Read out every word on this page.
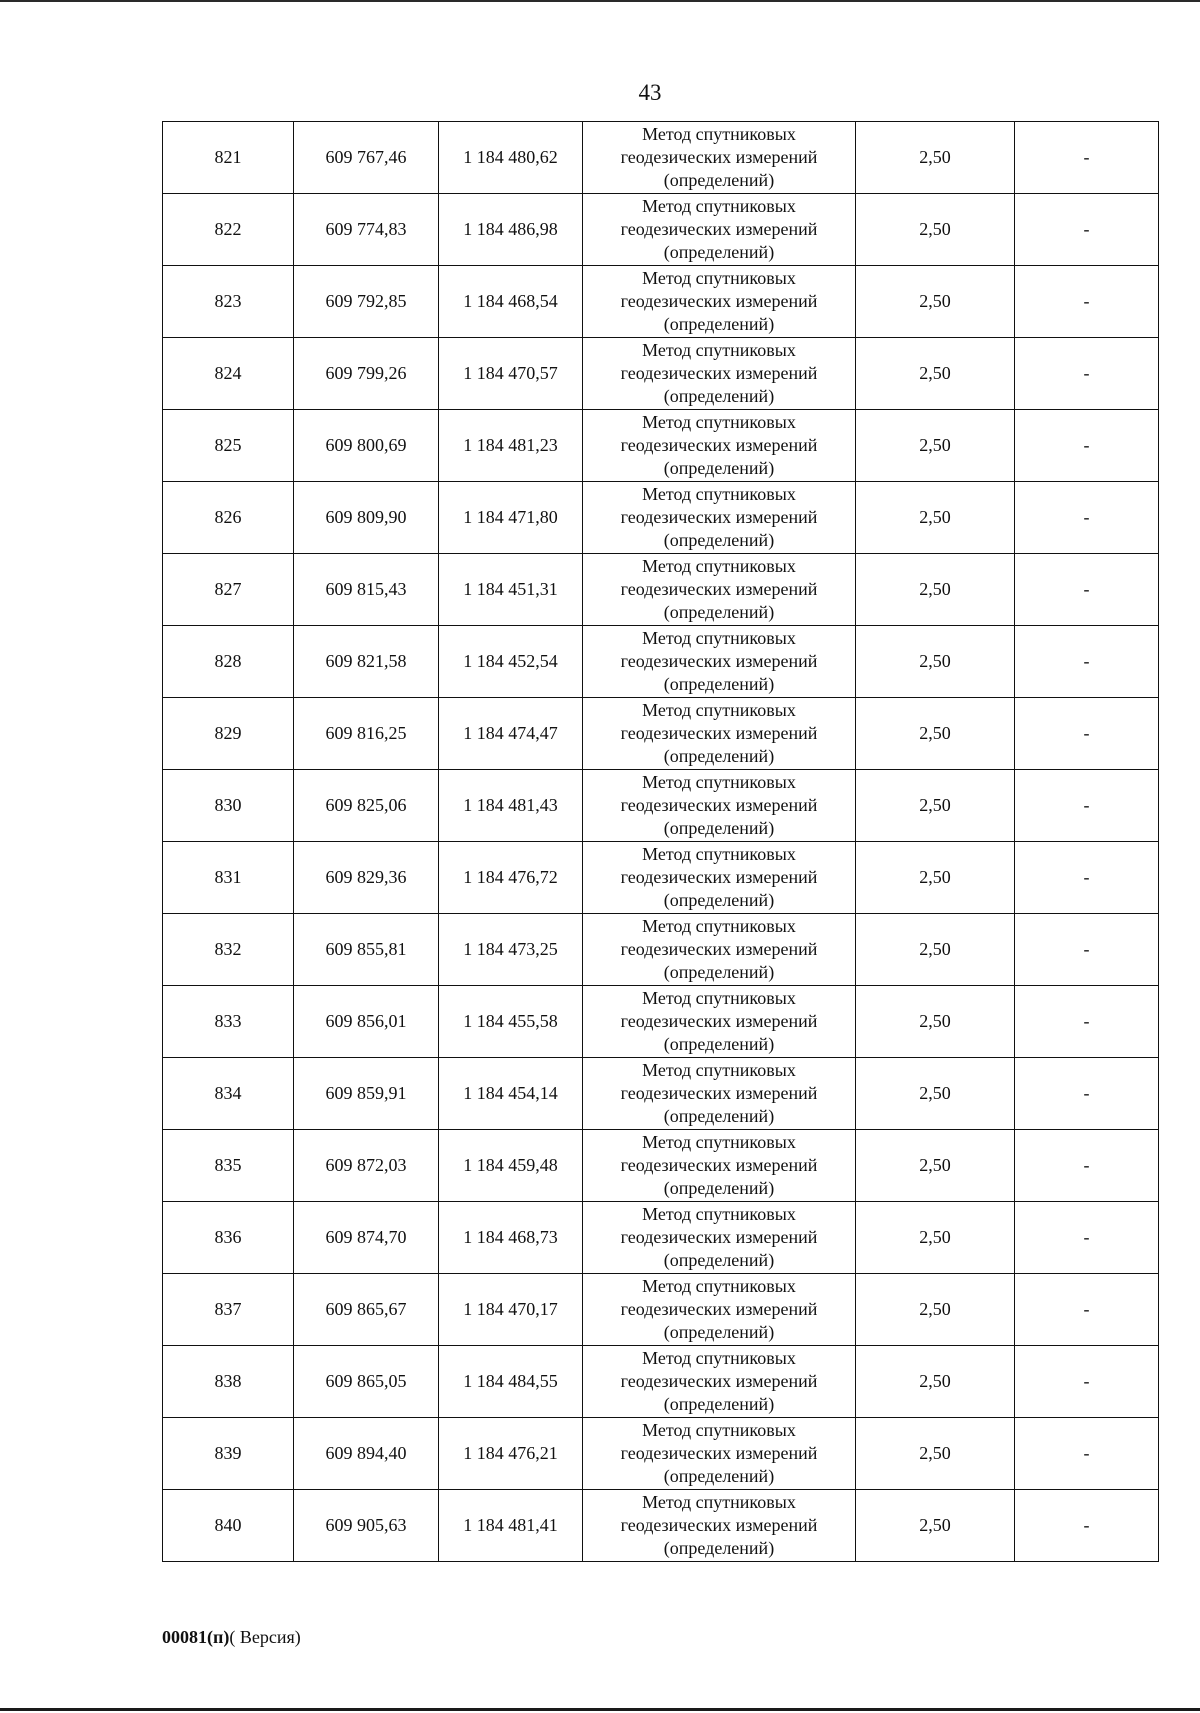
43
821	609 767,46	1 184 480,62	Метод спутниковых
геодезических измерений
(определений)	2,50	-
822	609 774,83	1 184 486,98	Метод спутниковых
геодезических измерений
(определений)	2,50	-
823	609 792,85	1 184 468,54	Метод спутниковых
геодезических измерений
(определений)	2,50	-
824	609 799,26	1 184 470,57	Метод спутниковых
геодезических измерений
(определений)	2,50	-
825	609 800,69	1 184 481,23	Метод спутниковых
геодезических измерений
(определений)	2,50	-
826	609 809,90	1 184 471,80	Метод спутниковых
геодезических измерений
(определений)	2,50	-
827	609 815,43	1 184 451,31	Метод спутниковых
геодезических измерений
(определений)	2,50	-
828	609 821,58	1 184 452,54	Метод спутниковых
геодезических измерений
(определений)	2,50	-
829	609 816,25	1 184 474,47	Метод спутниковых
геодезических измерений
(определений)	2,50	-
830	609 825,06	1 184 481,43	Метод спутниковых
геодезических измерений
(определений)	2,50	-
831	609 829,36	1 184 476,72	Метод спутниковых
геодезических измерений
(определений)	2,50	-
832	609 855,81	1 184 473,25	Метод спутниковых
геодезических измерений
(определений)	2,50	-
833	609 856,01	1 184 455,58	Метод спутниковых
геодезических измерений
(определений)	2,50	-
834	609 859,91	1 184 454,14	Метод спутниковых
геодезических измерений
(определений)	2,50	-
835	609 872,03	1 184 459,48	Метод спутниковых
геодезических измерений
(определений)	2,50	-
836	609 874,70	1 184 468,73	Метод спутниковых
геодезических измерений
(определений)	2,50	-
837	609 865,67	1 184 470,17	Метод спутниковых
геодезических измерений
(определений)	2,50	-
838	609 865,05	1 184 484,55	Метод спутниковых
геодезических измерений
(определений)	2,50	-
839	609 894,40	1 184 476,21	Метод спутниковых
геодезических измерений
(определений)	2,50	-
840	609 905,63	1 184 481,41	Метод спутниковых
геодезических измерений
(определений)	2,50	-
00081(п)( Версия)
